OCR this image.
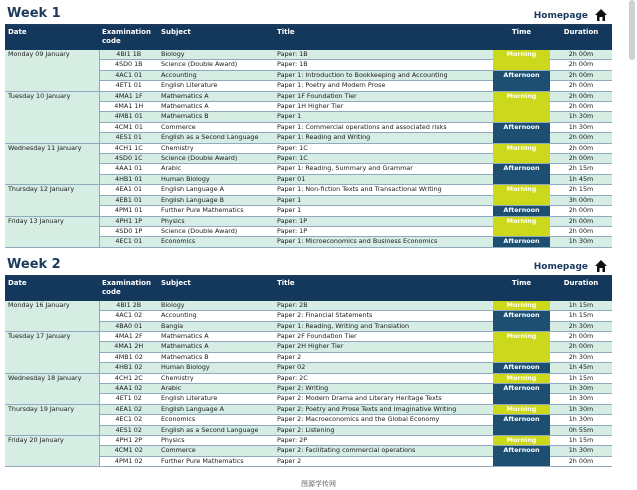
Week 1	Homepage
Date	Examination code	Subject	Title	Time	Duration
Monday 09 January	4BI1 1B	Biology	Paper: 1B	Morning	2h 00m
	4SD0 1B	Science (Double Award)	Paper: 1B		2h 00m
	4AC1 01	Accounting	Paper 1: Introduction to Bookkeeping and Accounting	Afternoon	2h 00m
	4ET1 01	English Literature	Paper 1: Poetry and Modern Prose		2h 00m
Tuesday 10 January	4MA1 1F	Mathematics A	Paper 1F Foundation Tier	Morning	2h 00m
	4MA1 1H	Mathematics A	Paper 1H Higher Tier		2h 00m
	4MB1 01	Mathematics B	Paper 1		1h 30m
	4CM1 01	Commerce	Paper 1: Commercial operations and associated risks	Afternoon	1h 30m
	4ES1 01	English as a Second Language	Paper 1: Reading and Writing		2h 00m
Wednesday 11 January	4CH1 1C	Chemistry	Paper: 1C	Morning	2h 00m
	4SD0 1C	Science (Double Award)	Paper: 1C		2h 00m
	4AA1 01	Arabic	Paper 1: Reading, Summary and Grammar	Afternoon	2h 15m
	4HB1 01	Human Biology	Paper 01		1h 45m
Thursday 12 January	4EA1 01	English Language A	Paper 1: Non-fiction Texts and Transactional Writing	Morning	2h 15m
	4EB1 01	English Language B	Paper 1		3h 00m
	4PM1 01	Further Pure Mathematics	Paper 1	Afternoon	2h 00m
Friday 13 January	4PH1 1P	Physics	Paper: 1P	Morning	2h 00m
	4SD0 1P	Science (Double Award)	Paper: 1P		2h 00m
	4EC1 01	Economics	Paper 1: Microeconomics and Business Economics	Afternoon	1h 30m
Week 2	Homepage
Date	Examination code	Subject	Title	Time	Duration
Monday 16 January	4BI1 2B	Biology	Paper: 2B	Morning	1h 15m
	4AC1 02	Accounting	Paper 2: Financial Statements	Afternoon	1h 15m
	4BA0 01	Bangla	Paper 1: Reading, Writing and Translation		2h 30m
Tuesday 17 January	4MA1 2F	Mathematics A	Paper 2F Foundation Tier	Morning	2h 00m
	4MA1 2H	Mathematics A	Paper 2H Higher Tier		2h 00m
	4MB1 02	Mathematics B	Paper 2		2h 30m
	4HB1 02	Human Biology	Paper 02	Afternoon	1h 45m
Wednesday 18 January	4CH1 2C	Chemistry	Paper: 2C	Morning	1h 15m
	4AA1 02	Arabic	Paper 2: Writing	Afternoon	1h 30m
	4ET1 02	English Literature	Paper 2: Modern Drama and Literary Heritage Texts		1h 30m
Thursday 19 January	4EA1 02	English Language A	Paper 2: Poetry and Prose Texts and Imaginative Writing	Morning	1h 30m
	4EC1 02	Economics	Paper 2: Macroeconomics and the Global Economy	Afternoon	1h 30m
	4ES1 02	English as a Second Language	Paper 2: Listening		0h 55m
Friday 20 January	4PH1 2P	Physics	Paper: 2P	Morning	1h 15m
	4CM1 02	Commerce	Paper 2: Facilitating commercial operations	Afternoon	1h 30m
	4PM1 02	Further Pure Mathematics	Paper 2		2h 00m
图源学传网
